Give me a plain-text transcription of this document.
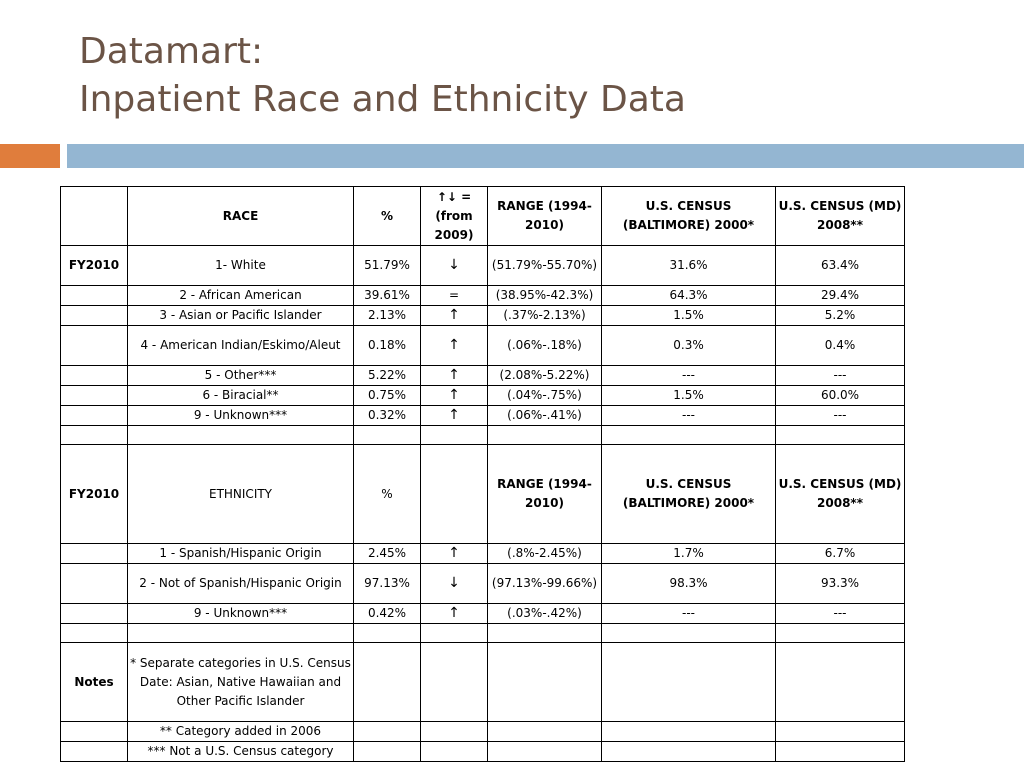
Datamart:
Inpatient Race and Ethnicity Data
	RACE	%	↑↓ = (from 2009)	RANGE (1994-2010)	U.S. CENSUS (BALTIMORE) 2000*	U.S. CENSUS (MD) 2008**
FY2010	1- White	51.79%	↓	(51.79%-55.70%)	31.6%	63.4%
	2 - African American	39.61%	=	(38.95%-42.3%)	64.3%	29.4%
	3 - Asian or Pacific Islander	2.13%	↑	(.37%-2.13%)	1.5%	5.2%
	4 - American Indian/Eskimo/Aleut	0.18%	↑	(.06%-.18%)	0.3%	0.4%
	5 - Other***	5.22%	↑	(2.08%-5.22%)	---	---
	6 - Biracial**	0.75%	↑	(.04%-.75%)	1.5%	60.0%
	9 - Unknown***	0.32%	↑	(.06%-.41%)	---	---

FY2010	ETHNICITY	%		RANGE (1994-2010)	U.S. CENSUS (BALTIMORE) 2000*	U.S. CENSUS (MD) 2008**
	1 - Spanish/Hispanic Origin	2.45%	↑	(.8%-2.45%)	1.7%	6.7%
	2 - Not of Spanish/Hispanic Origin	97.13%	↓	(97.13%-99.66%)	98.3%	93.3%
	9 - Unknown***	0.42%	↑	(.03%-.42%)	---	---

Notes	* Separate categories in U.S. Census Date: Asian, Native Hawaiian and Other Pacific Islander					
	** Category added in 2006					
	*** Not a U.S. Census category					
